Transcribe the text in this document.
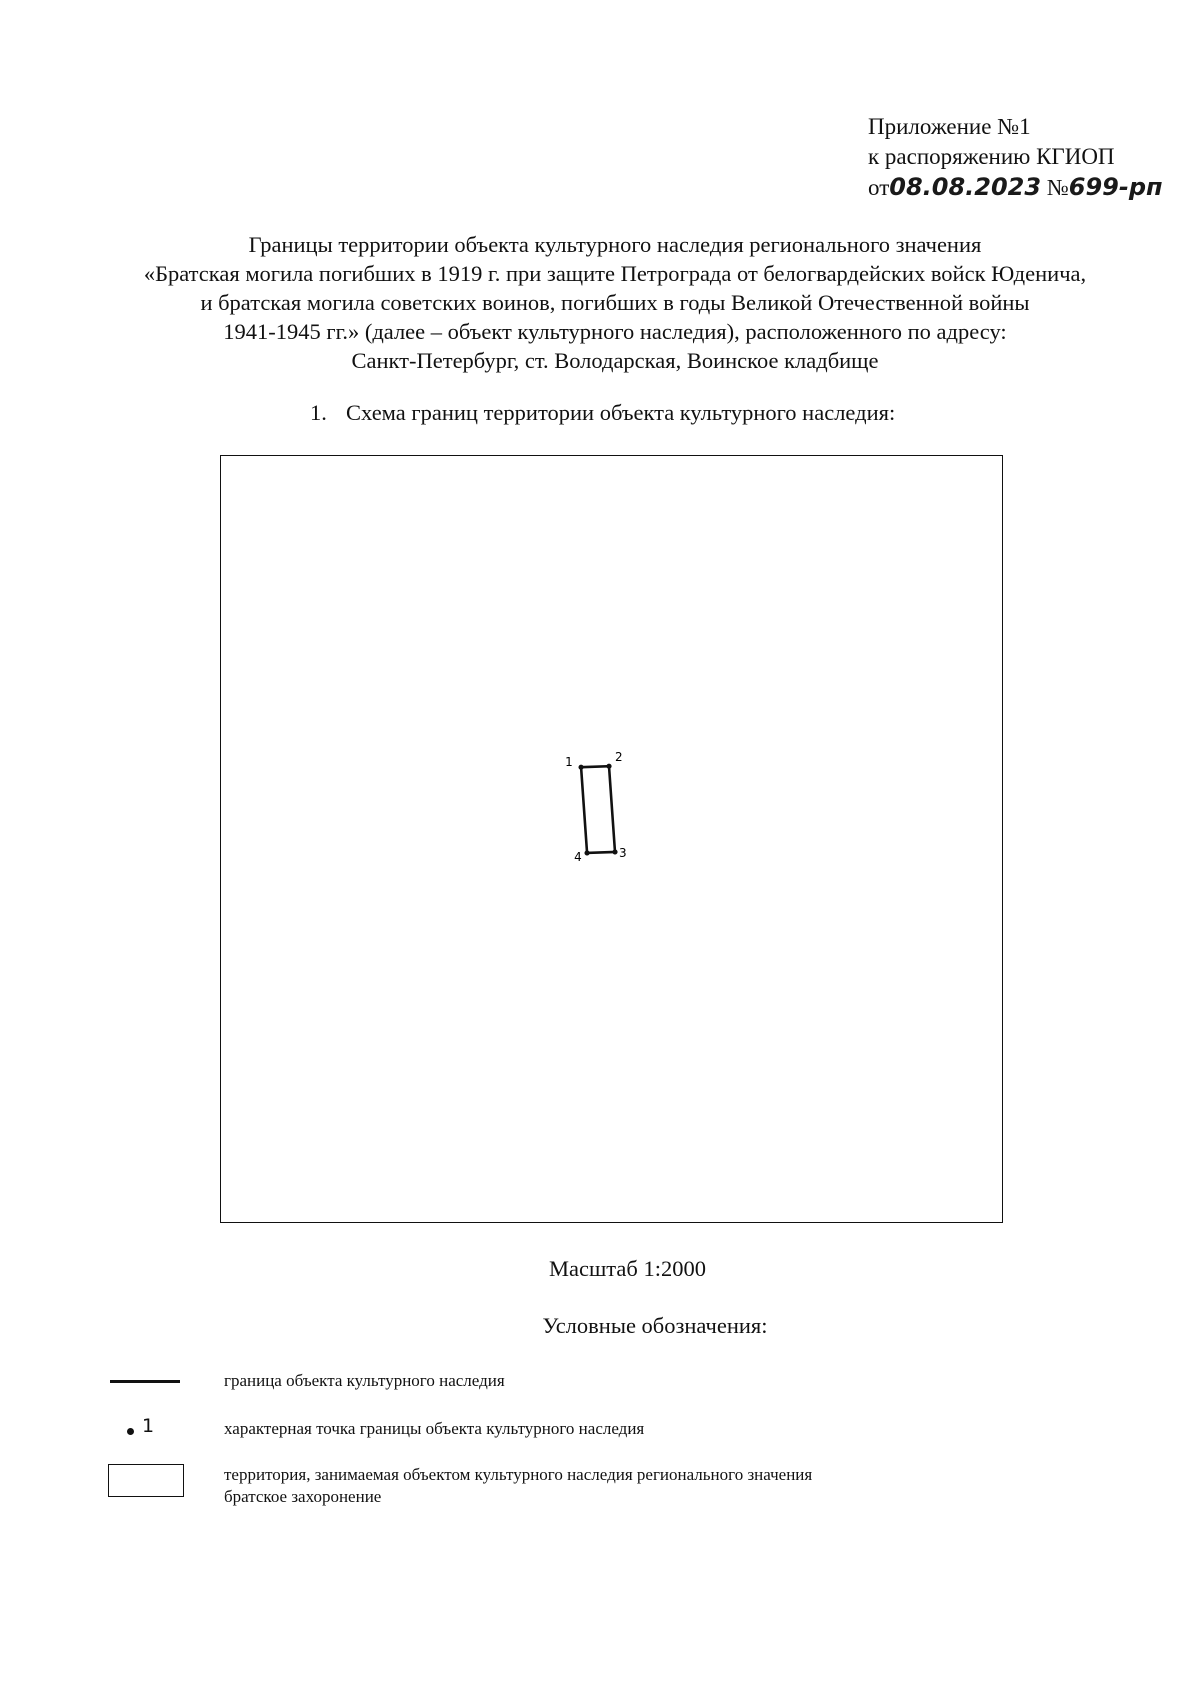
Приложение №1
к распоряжению КГИОП
от08.08.2023 №699-рп
Границы территории объекта культурного наследия регионального значения
«Братская могила погибших в 1919 г. при защите Петрограда от белогвардейских войск Юденича,
и братская могила советских воинов, погибших в годы Великой Отечественной войны
1941-1945 гг.» (далее – объект культурного наследия), расположенного по адресу:
Санкт-Петербург, ст. Володарская, Воинское кладбище
1. Схема границ территории объекта культурного наследия:
1	2
3
4
Масштаб 1:2000
Условные обозначения:
граница объекта культурного наследия
1	характерная точка границы объекта культурного наследия
территория, занимаемая объектом культурного наследия регионального значения
братское захоронение
